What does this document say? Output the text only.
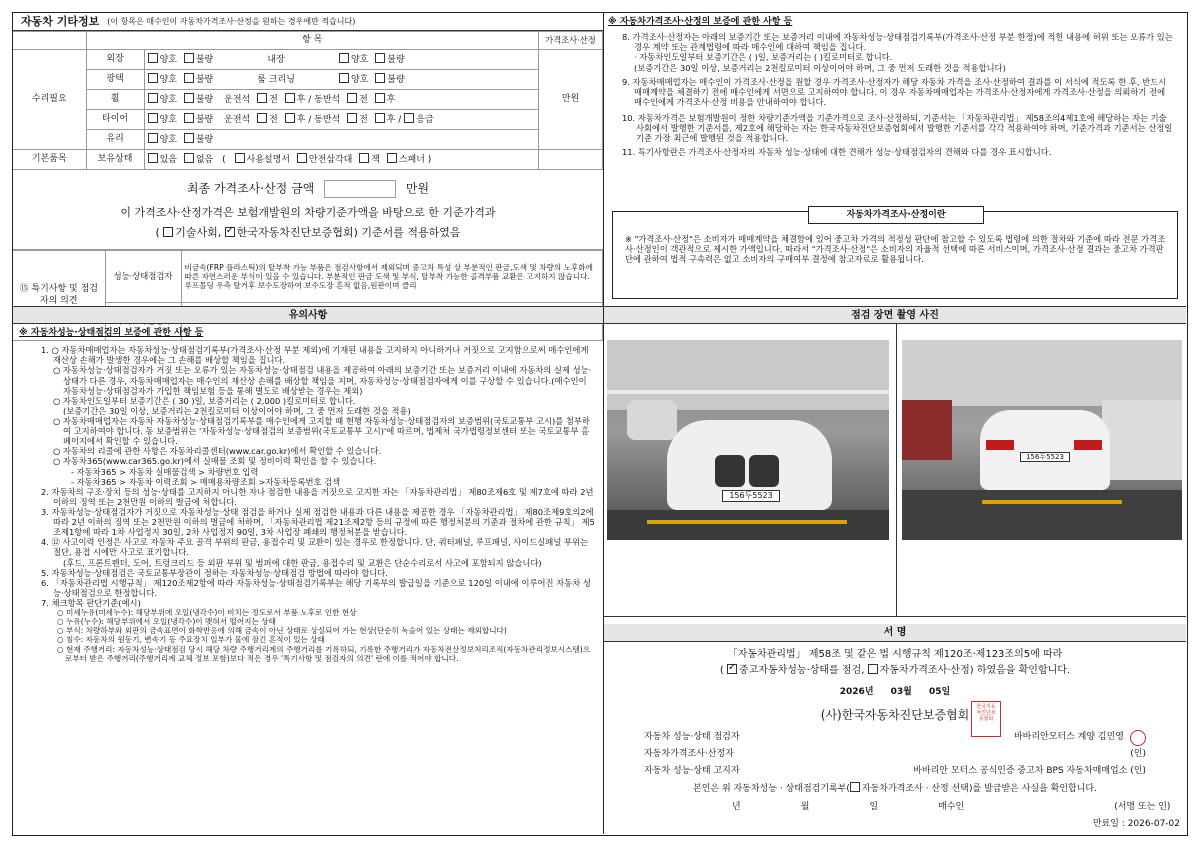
자동차 기타정보 (이 항목은 매수인이 자동차가격조사·산정을 원하는 경우에만 적습니다)
	항 목		가격조사·산정
수리필요	외장	양호 불량 내장 양호 불량	만원
	광택	양호 불량 룸 크리닝 양호 불량	
	휠	양호 불량 운전석 전 후 / 동반석 전 후	
	타이어	양호 불량 운전석 전 후 / 동반석 전 후 / 응급	
	유리	양호 불량	
기본품목	보유상태	있음 없음 ( 사용설명서 안전삼각대 잭 스패너 )	
최종 가격조사·산정 금액	만원
이 가격조사·산정가격은 보험개발원의 차량기준가액을 바탕으로 한 기준가격과
( 기술사회, ✓ 한국자동차진단보증협회) 기준서를 적용하였음
⑮ 특기사항 및 점검자의 의견	성능·상태점검자	비금속(FRP 플라스틱)의 탈부착 가능 부품은 점검사항에서 제외되며 중고차 특성 상 부분적인 판금,도색 및 차량의 노후화에 따른 자연스러운 부식이 있을 수 있습니다. 부분적인 판금 도색 및 부식, 탈부착 가능한 골격부품 교환은 고지하지 않습니다. 루프몰딩 우측 탈거후 보수도장하여 보수도장 흔적 없음,원판이며 클리

유의사항
※ 자동차성능·상태점검의 보증에 관한 사항 등
1. ○ 자동차매매업자는 자동차성능·상태점검기록부(가격조사·산정 부분 제외)에 기재된 내용을 고지하지 아니하거나 거짓으로 고지함으로써 매수인에게 재산상 손해가 발생한 경우에는 그 손해를 배상할 책임을 집니다.
○ 자동차성능·상태점검자가 거짓 또는 오류가 있는 자동차성능·상태점검 내용을 제공하여 아래의 보증기간 또는 보증거리 이내에 자동차의 실제 성능·상태가 다른 경우, 자동차매매업자는 매수인의 재산상 손해를 배상할 책임을 지며, 자동차성능·상태점검자에게 이를 구상할 수 있습니다.(매수인이 자동차성능·상태점검자가 가입한 책임보험 등을 통해 별도로 배상받는 경우는 제외)
○ 자동차인도일부터 보증기간은 ( 30 )일, 보증거리는 ( 2,000 )킬로미터로 합니다.
(보증기간은 30일 이상, 보증거리는 2천킬로미터 이상이어야 하며, 그 중 먼저 도래한 것을 적용)
○ 자동차매매업자는 자동차 자동차성능·상태점검기록부를 매수인에게 고지할 때 현행 자동차성능·상태점검자의 보증범위(국토교통부 고시)를 첨부하여 고지하여야 합니다. 동 보증범위는 '자동차성능·상태점검의 보증범위(국토교통부 고시)'에 따르며, 법제처 국가법령정보센터 또는 국토교통부 홈페이지에서 확인할 수 있습니다.
○ 자동차의 리콜에 관한 사항은 자동차리콜센터(www.car.go.kr)에서 확인할 수 있습니다.
○ 자동차365(www.car365.go.kr)에서 실매물 조회 및 정비이력 확인을 할 수 있습니다.
- 자동차365 > 자동차 실매물검색 > 차량번호 입력
- 자동차365 > 자동차 이력조회 > 매매용차량조회 >자동차등록번호 검색
2. 자동차의 구조·장치 등의 성능·상태를 고지하지 아니한 자나 점검한 내용을 거짓으로 고지한 자는 「자동차관리법」 제80조제6호 및 제7호에 따라 2년 이하의 징역 또는 2천만원 이하의 벌금에 처합니다.
3. 자동차성능·상태점검자가 거짓으로 자동차성능·상태 점검을 하거나 실제 점검한 내용과 다른 내용을 제공한 경우 「자동차관리법」 제80조제9호의2에 따라 2년 이하의 징역 또는 2천만원 이하의 벌금에 처하며, 「자동차관리법 제21조제2항 등의 규정에 따른 행정처분의 기준과 절차에 관한 규칙」 제5조제1항에 따라 1차 사업정지 30일, 2차 사업정지 90일, 3차 사업장 폐쇄의 행정처분을 받습니다.
4. ⑫ 사고이력 인정은 사고로 자동차 주요 골격 부위의 판금, 용접수리 및 교환이 있는 경우로 한정합니다. 단, 쿼터패널, 루프패널, 사이드실패널 부위는 절단, 용접 시에만 사고로 표기합니다.
(후드, 프론트펜더, 도어, 트렁크리드 등 외판 부위 및 범퍼에 대한 판금, 용접수리 및 교환은 단순수리로서 사고에 포함되지 않습니다)
5. 자동차성능·상태점검은 국토교통부장관이 정하는 자동차성능·상태점검 방법에 따라야 합니다.
6. 「자동차관리법 시행규칙」 제120조제2항에 따라 자동차성능·상태점검기록부는 해당 기록부의 발급일을 기준으로 120일 이내에 이루어진 자동차 성능·상태점검으로 한정합니다.
7. 체크항목 판단기준(예시)
○ 미세누유(미세누수): 해당부위에 오일(냉각수)이 비치는 정도로서 부품 노후로 인한 현상
○ 누유(누수): 해당부위에서 오일(냉각수)이 맺혀서 떨어지는 상태
○ 부식: 차량하부와 외판의 금속표면이 화학반응에 의해 금속이 아닌 상태로 상실되어 가는 현상(단순히 녹슬어 있는 상태는 제외합니다)
○ 침수: 자동차의 원동기, 변속기 등 주요장치 일부가 물에 잠긴 흔적이 있는 상태
○ 현재 주행거리: 자동차성능·상태점검 당시 해당 차량 주행거리계의 주행거리를 기록하되, 기록한 주행거리가 자동차전산정보처리조직(자동차관리정보시스템)으로부터 받은 주행거리(주행거리계 교체 정보 포함)보다 적은 경우 '특기사항 및 점검자의 의견' 란에 이를 적어야 합니다.
※ 자동차가격조사·산정의 보증에 관한 사항 등
8. 가격조사·산정자는 아래의 보증기간 또는 보증거리 이내에 자동차성능·상태점검기록부(가격조사·산정 부분 한정)에 적힌 내용에 허위 또는 오류가 있는 경우 계약 또는 관계법령에 따라 매수인에 대하여 책임을 집니다.
· 자동차인도일부터 보증기간은 ( )일, 보증거리는 ( )킬로미터로 합니다.
(보증기간은 30일 이상, 보증거리는 2천킬로미터 이상이어야 하며, 그 중 먼저 도래한 것을 적용합니다)
9. 자동차매매업자는 매수인이 가격조사·산정을 원할 경우 가격조사·산정자가 해당 자동차 가격을 조사·산정하여 결과를 이 서식에 적도록 한 후, 반드시 매매계약을 체결하기 전에 매수인에게 서면으로 고지하여야 합니다. 이 경우 자동차매매업자는 가격조사·산정자에게 가격조사·산정을 의뢰하기 전에 매수인에게 가격조사·산정 비용을 안내하여야 합니다.
10. 자동차가격은 보험개발원이 정한 차량기준가액을 기준가격으로 조사·산정하되, 기준서는 「자동차관리법」 제58조의4제1호에 해당하는 자는 기술사회에서 발행한 기준서를, 제2호에 해당하는 자는 한국자동차진단보증협회에서 발행한 기준서를 각각 적용하여야 하며, 기준가격과 기준서는 산정일 기준 가장 최근에 발행된 것을 적용합니다.
11. 특기사항란은 가격조사·산정자의 자동차 성능·상태에 대한 견해가 성능·상태점검자의 견해와 다를 경우 표시합니다.
자동차가격조사·산정이란
※ "가격조사·산정"은 소비자가 매매계약을 체결함에 있어 중고차 가격의 적정성 판단에 참고할 수 있도록 법령에 의한 절차와 기준에 따라 전문 가격조사·산정인이 객관적으로 제시한 가액입니다. 따라서 "가격조사·산정"은 소비자의 자율적 선택에 따른 서비스이며, 가격조사·산정 결과는 중고차 가격판단에 관하여 법적 구속력은 없고 소비자의 구매여부 결정에 참고자료로 활용됩니다.
점검 장면 촬영 사진
156두5523
156두5523
서 명
「자동차관리법」 제58조 및 같은 법 시행규칙 제120조·제123조의5에 따라
( ✓ 중고자동차성능·상태를 점검, 자동차가격조사·산정) 하였음을 확인합니다.
2026년 03월 05일
(사)한국자동차진단보증협회
한국자동차진단보증협회
자동차 성능·상태 점검자	바바리안모터스 계양 김민영
자동차가격조사·산정자	(인)
자동차 성능·상태 고지자	바바리안 모터스 공식인증 중고차 BPS 자동차매매업소 (인)
본인은 위 자동차성능 · 상태점검기록부( 자동차가격조사 · 산정 선택)를 발급받은 사실을 확인합니다.
년	월	일	매수인	(서명 또는 인)
만료일 : 2026-07-02
